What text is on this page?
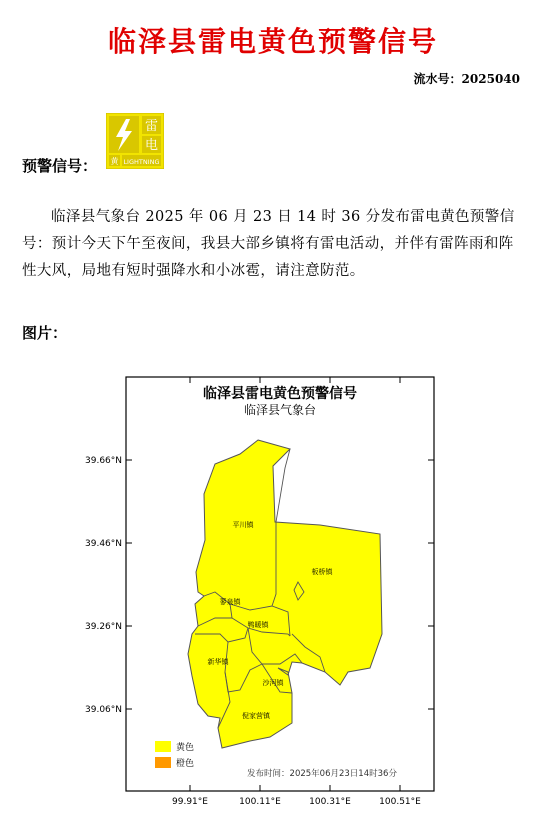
临泽县雷电黄色预警信号
流水号：2025040
预警信号：
雷
电
黄 LIGHTNING
临泽县气象台 2025 年 06 月 23 日 14 时 36 分发布雷电黄色预警信号：预计今天下午至夜间，我县大部乡镇将有雷电活动，并伴有雷阵雨和阵性大风，局地有短时强降水和小冰雹，请注意防范。
图片：
临泽县雷电黄色预警信号
临泽县气象台
39.66°N
39.46°N
39.26°N
39.06°N
99.91°E	100.11°E	100.31°E	100.51°E
平川镇
板桥镇
蓼泉镇
鸭暖镇
新华镇
沙河镇
倪家营镇
黄色
橙色
发布时间：2025年06月23日14时36分
